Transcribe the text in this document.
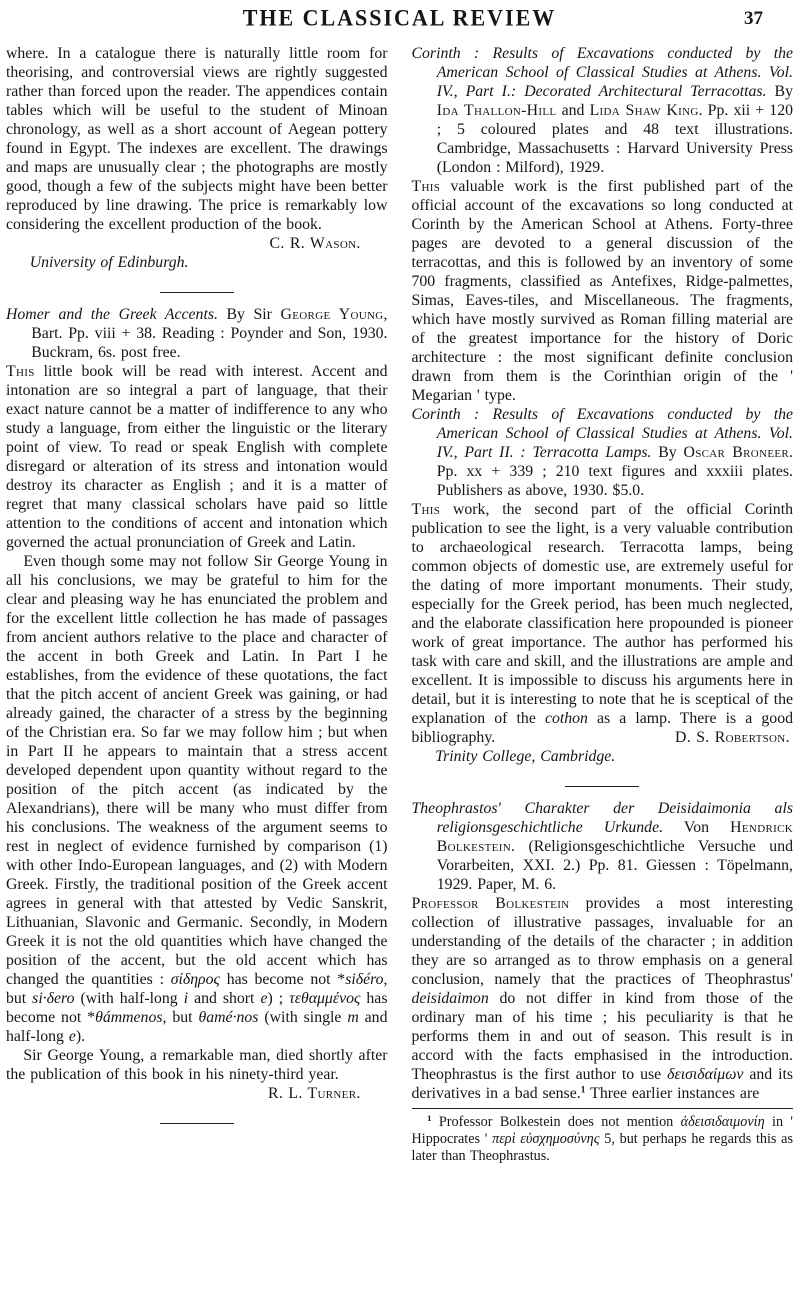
THE CLASSICAL REVIEW	37

where. In a catalogue there is naturally little room for theorising, and controversial views are rightly suggested rather than forced upon the reader. The appendices contain tables which will be useful to the student of Minoan chronology, as well as a short account of Aegean pottery found in Egypt. The indexes are excellent. The drawings and maps are unusually clear ; the photographs are mostly good, though a few of the subjects might have been better reproduced by line drawing. The price is remarkably low considering the excellent production of the book.

C. R. Wason.
University of Edinburgh.

Homer and the Greek Accents. By Sir George Young, Bart. Pp. viii + 38. Reading : Poynder and Son, 1930. Buckram, 6s. post free.

This little book will be read with interest. Accent and intonation are so integral a part of language, that their exact nature cannot be a matter of indifference to any who study a language, from either the linguistic or the literary point of view. To read or speak English with complete disregard or alteration of its stress and intonation would destroy its character as English ; and it is a matter of regret that many classical scholars have paid so little attention to the conditions of accent and intonation which governed the actual pronunciation of Greek and Latin.

Even though some may not follow Sir George Young in all his conclusions, we may be grateful to him for the clear and pleasing way he has enunciated the problem and for the excellent little collection he has made of passages from ancient authors relative to the place and character of the accent in both Greek and Latin. In Part I he establishes, from the evidence of these quotations, the fact that the pitch accent of ancient Greek was gaining, or had already gained, the character of a stress by the beginning of the Christian era. So far we may follow him ; but when in Part II he appears to maintain that a stress accent developed dependent upon quantity without regard to the position of the pitch accent (as indicated by the Alexandrians), there will be many who must differ from his conclusions. The weakness of the argument seems to rest in neglect of evidence furnished by comparison (1) with other Indo-European languages, and (2) with Modern Greek. Firstly, the traditional position of the Greek accent agrees in general with that attested by Vedic Sanskrit, Lithuanian, Slavonic and Germanic. Secondly, in Modern Greek it is not the old quantities which have changed the position of the accent, but the old accent which has changed the quantities : σίδηρος has become not *siδéro, but si·δero (with half-long i and short e) ; τεθαμμένος has become not *θámmenos, but θamé·nos (with single m and half-long e).

Sir George Young, a remarkable man, died shortly after the publication of this book in his ninety-third year.

R. L. Turner.

Corinth : Results of Excavations conducted by the American School of Classical Studies at Athens. Vol. IV., Part I.: Decorated Architectural Terracottas. By Ida Thallon-Hill and Lida Shaw King. Pp. xii + 120 ; 5 coloured plates and 48 text illustrations. Cambridge, Massachusetts : Harvard University Press (London : Milford), 1929.

This valuable work is the first published part of the official account of the excavations so long conducted at Corinth by the American School at Athens. Forty-three pages are devoted to a general discussion of the terracottas, and this is followed by an inventory of some 700 fragments, classified as Antefixes, Ridge-palmettes, Simas, Eaves-tiles, and Miscellaneous. The fragments, which have mostly survived as Roman filling material are of the greatest importance for the history of Doric architecture : the most significant definite conclusion drawn from them is the Corinthian origin of the ' Megarian ' type.

Corinth : Results of Excavations conducted by the American School of Classical Studies at Athens. Vol. IV., Part II. : Terracotta Lamps. By Oscar Broneer. Pp. xx + 339 ; 210 text figures and xxxiii plates. Publishers as above, 1930. $5.0.

This work, the second part of the official Corinth publication to see the light, is a very valuable contribution to archaeological research. Terracotta lamps, being common objects of domestic use, are extremely useful for the dating of more important monuments. Their study, especially for the Greek period, has been much neglected, and the elaborate classification here propounded is pioneer work of great importance. The author has performed his task with care and skill, and the illustrations are ample and excellent. It is impossible to discuss his arguments here in detail, but it is interesting to note that he is sceptical of the explanation of the cothon as a lamp. There is a good bibliography.	D. S. Robertson.

Trinity College, Cambridge.

Theophrastos' Charakter der Deisidaimonia als religionsgeschichtliche Urkunde. Von Hendrick Bolkestein. (Religionsgeschichtliche Versuche und Vorarbeiten, XXI. 2.) Pp. 81. Giessen : Töpelmann, 1929. Paper, M. 6.

Professor Bolkestein provides a most interesting collection of illustrative passages, invaluable for an understanding of the details of the character ; in addition they are so arranged as to throw emphasis on a general conclusion, namely that the practices of Theophrastus' deisidaimon do not differ in kind from those of the ordinary man of his time ; his peculiarity is that he performs them in and out of season. This result is in accord with the facts emphasised in the introduction. Theophrastus is the first author to use δεισιδαίμων and its derivatives in a bad sense.$^1$ Three earlier instances are

$^1$ Professor Bolkestein does not mention ἀδεισιδαιμονίη in ' Hippocrates ' περὶ εὐσχημοσύνης 5, but perhaps he regards this as later than Theophrastus.
